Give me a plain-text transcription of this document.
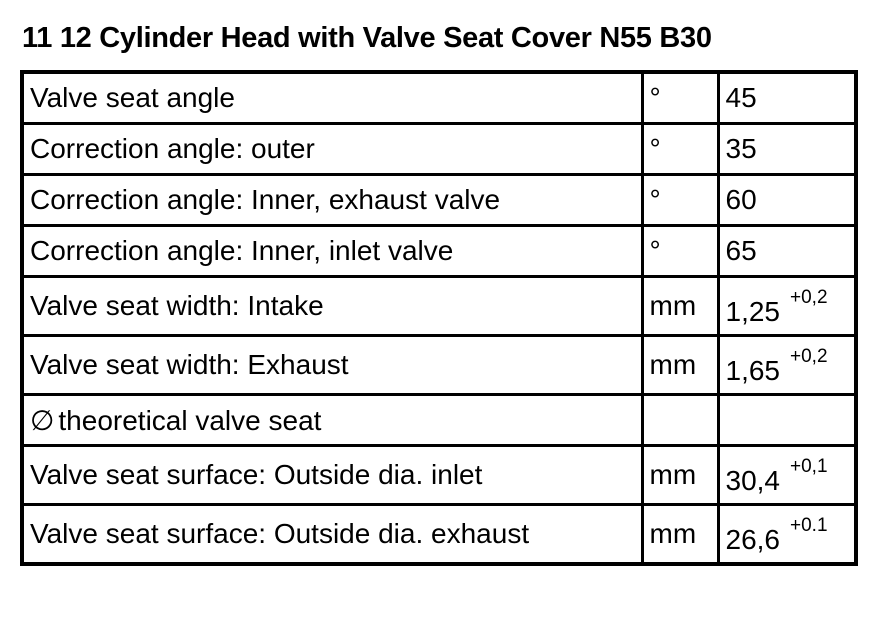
11 12 Cylinder Head with Valve Seat Cover N55 B30
Valve seat angle	°	45
Correction angle: outer	°	35
Correction angle: Inner, exhaust valve	°	60
Correction angle: Inner, inlet valve	°	65
Valve seat width: Intake	mm	1,25 +0,2
Valve seat width: Exhaust	mm	1,65 +0,2
∅ theoretical valve seat		
Valve seat surface: Outside dia. inlet	mm	30,4 +0,1
Valve seat surface: Outside dia. exhaust	mm	26,6 +0.1
